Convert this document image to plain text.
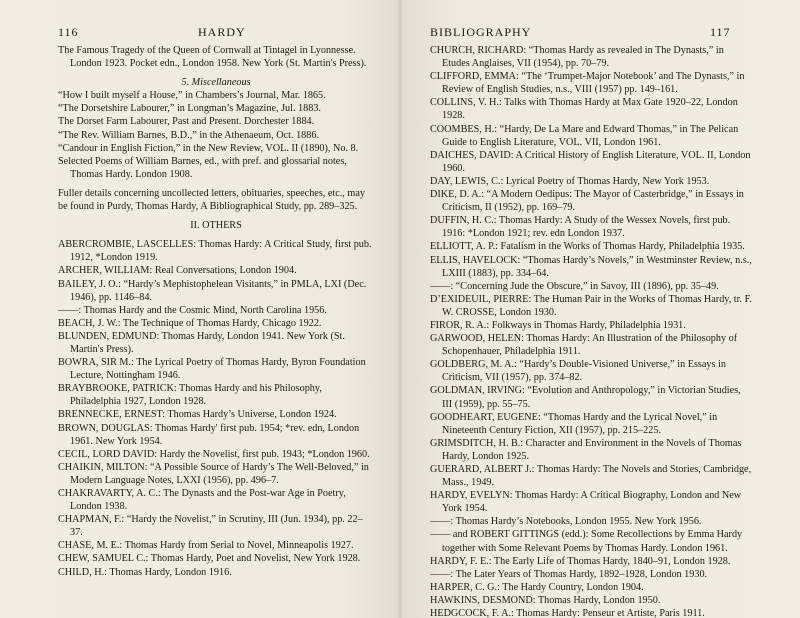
116	HARDY
The Famous Tragedy of the Queen of Cornwall at Tintagel in Lyonnesse. London 1923. Pocket edn., London 1958. New York (St. Martin's Press).
5. Miscellaneous
“How I built myself a House,” in Chambers’s Journal, Mar. 1865.
“The Dorsetshire Labourer,” in Longman’s Magazine, Jul. 1883.
The Dorset Farm Labourer, Past and Present. Dorchester 1884.
“The Rev. William Barnes, B.D.,” in the Athenaeum, Oct. 1886.
“Candour in English Fiction,” in the New Review, VOL. II (1890), No. 8.
Selected Poems of William Barnes, ed., with pref. and glossarial notes, Thomas Hardy. London 1908.
Fuller details concerning uncollected letters, obituaries, speeches, etc., may be found in Purdy, Thomas Hardy, A Bibliographical Study, pp. 289–325.
II. OTHERS
ABERCROMBIE, LASCELLES: Thomas Hardy: A Critical Study, first pub. 1912, *London 1919.
ARCHER, WILLIAM: Real Conversations, London 1904.
BAILEY, J. O.: “Hardy’s Mephistophelean Visitants,” in PMLA, LXI (Dec. 1946), pp. 1146–84.
——: Thomas Hardy and the Cosmic Mind, North Carolina 1956.
BEACH, J. W.: The Technique of Thomas Hardy, Chicago 1922.
BLUNDEN, EDMUND: Thomas Hardy, London 1941. New York (St. Martin's Press).
BOWRA, SIR M.: The Lyrical Poetry of Thomas Hardy, Byron Foundation Lecture, Nottingham 1946.
BRAYBROOKE, PATRICK: Thomas Hardy and his Philosophy, Philadelphia 1927, London 1928.
BRENNECKE, ERNEST: Thomas Hardy’s Universe, London 1924.
BROWN, DOUGLAS: Thomas Hardy' first pub. 1954; *rev. edn, London 1961. New York 1954.
CECIL, LORD DAVID: Hardy the Novelist, first pub. 1943; *London 1960.
CHAIKIN, MILTON: “A Possible Source of Hardy’s The Well-Beloved,” in Modern Language Notes, LXXI (1956), pp. 496–7.
CHAKRAVARTY, A. C.: The Dynasts and the Post-war Age in Poetry, London 1938.
CHAPMAN, F.: “Hardy the Novelist,” in Scrutiny, III (Jun. 1934), pp. 22–37.
CHASE, M. E.: Thomas Hardy from Serial to Novel, Minneapolis 1927.
CHEW, SAMUEL C.: Thomas Hardy, Poet and Novelist, New York 1928.
CHILD, H.: Thomas Hardy, London 1916.
BIBLIOGRAPHY	117
CHURCH, RICHARD: “Thomas Hardy as revealed in The Dynasts,” in Etudes Anglaises, VII (1954), pp. 70–79.
CLIFFORD, EMMA: “The ‘Trumpet-Major Notebook’ and The Dynasts,” in Review of English Studies, n.s., VIII (1957) pp. 149–161.
COLLINS, V. H.: Talks with Thomas Hardy at Max Gate 1920–22, London 1928.
COOMBES, H.: “Hardy, De La Mare and Edward Thomas,” in The Pelican Guide to English Literature, VOL. VII, London 1961.
DAICHES, DAVID: A Critical History of English Literature, VOL. II, London 1960.
DAY, LEWIS, C.: Lyrical Poetry of Thomas Hardy, New York 1953.
DIKE, D. A.: “A Modern Oedipus: The Mayor of Casterbridge,” in Essays in Criticism, II (1952), pp. 169–79.
DUFFIN, H. C.: Thomas Hardy: A Study of the Wessex Novels, first pub. 1916: *London 1921; rev. edn London 1937.
ELLIOTT, A. P.: Fatalism in the Works of Thomas Hardy, Philadelphia 1935.
ELLIS, HAVELOCK: “Thomas Hardy’s Novels,” in Westminster Review, n.s., LXIII (1883), pp. 334–64.
——: “Concerning Jude the Obscure,” in Savoy, III (1896), pp. 35–49.
D’EXIDEUIL, PIERRE: The Human Pair in the Works of Thomas Hardy, tr. F. W. CROSSE, London 1930.
FIROR, R. A.: Folkways in Thomas Hardy, Philadelphia 1931.
GARWOOD, HELEN: Thomas Hardy: An Illustration of the Philosophy of Schopenhauer, Philadelphia 1911.
GOLDBERG, M. A.: “Hardy’s Double-Visioned Universe,” in Essays in Criticism, VII (1957), pp. 374–82.
GOLDMAN, IRVING: “Evolution and Anthropology,” in Victorian Studies, III (1959), pp. 55–75.
GOODHEART, EUGENE: “Thomas Hardy and the Lyrical Novel,” in Nineteenth Century Fiction, XII (1957), pp. 215–225.
GRIMSDITCH, H. B.: Character and Environment in the Novels of Thomas Hardy, London 1925.
GUERARD, ALBERT J.: Thomas Hardy: The Novels and Stories, Cambridge, Mass., 1949.
HARDY, EVELYN: Thomas Hardy: A Critical Biography, London and New York 1954.
——: Thomas Hardy’s Notebooks, London 1955. New York 1956.
—— and ROBERT GITTINGS (edd.): Some Recollections by Emma Hardy together with Some Relevant Poems by Thomas Hardy. London 1961.
HARDY, F. E.: The Early Life of Thomas Hardy, 1840–91, London 1928.
——: The Later Years of Thomas Hardy, 1892–1928, London 1930.
HARPER, C. G.: The Hardy Country, London 1904.
HAWKINS, DESMOND: Thomas Hardy, London 1950.
HEDGCOCK, F. A.: Thomas Hardy: Penseur et Artiste, Paris 1911.
